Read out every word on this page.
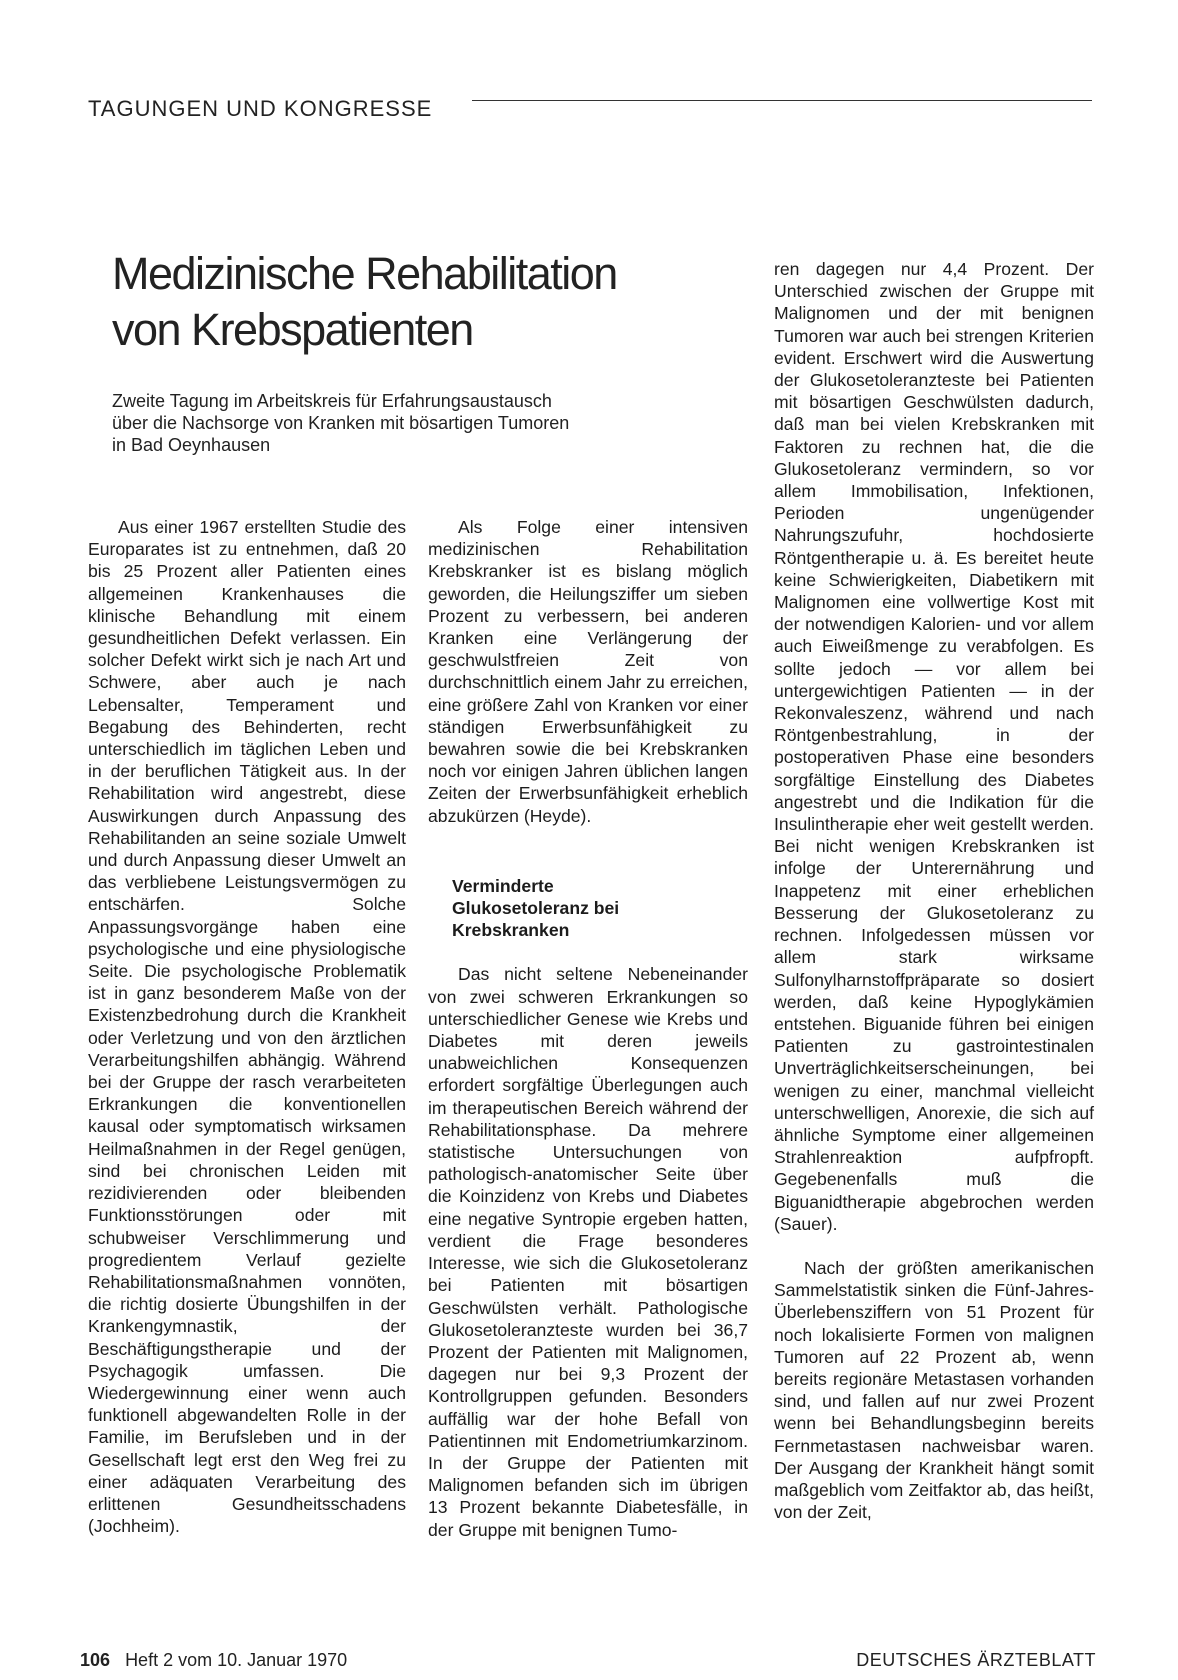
TAGUNGEN UND KONGRESSE
Medizinische Rehabilitation
von Krebspatienten
Zweite Tagung im Arbeitskreis für Erfahrungsaustausch
über die Nachsorge von Kranken mit bösartigen Tumoren
in Bad Oeynhausen

Aus einer 1967 erstellten Studie des Europarates ist zu entnehmen, daß 20 bis 25 Prozent aller Patienten eines allgemeinen Krankenhauses die klinische Behandlung mit einem gesundheitlichen Defekt verlassen. Ein solcher Defekt wirkt sich je nach Art und Schwere, aber auch je nach Lebensalter, Temperament und Begabung des Behinderten, recht unterschiedlich im täglichen Leben und in der beruflichen Tätigkeit aus. In der Rehabilitation wird angestrebt, diese Auswirkungen durch Anpassung des Rehabilitanden an seine soziale Umwelt und durch Anpassung dieser Umwelt an das verbliebene Leistungsvermögen zu entschärfen. Solche Anpassungsvorgänge haben eine psychologische und eine physiologische Seite. Die psychologische Problematik ist in ganz besonderem Maße von der Existenzbedrohung durch die Krankheit oder Verletzung und von den ärztlichen Verarbeitungshilfen abhängig. Während bei der Gruppe der rasch verarbeiteten Erkrankungen die konventionellen kausal oder symptomatisch wirksamen Heilmaßnahmen in der Regel genügen, sind bei chronischen Leiden mit rezidivierenden oder bleibenden Funktionsstörungen oder mit schubweiser Verschlimmerung und progredientem Verlauf gezielte Rehabilitationsmaßnahmen vonnöten, die richtig dosierte Übungshilfen in der Krankengymnastik, der Beschäftigungstherapie und der Psychagogik umfassen. Die Wiedergewinnung einer wenn auch funktionell abgewandelten Rolle in der Familie, im Berufsleben und in der Gesellschaft legt erst den Weg frei zu einer adäquaten Verarbeitung des erlittenen Gesundheitsschadens (Jochheim).

Als Folge einer intensiven medizinischen Rehabilitation Krebskranker ist es bislang möglich geworden, die Heilungsziffer um sieben Prozent zu verbessern, bei anderen Kranken eine Verlängerung der geschwulstfreien Zeit von durchschnittlich einem Jahr zu erreichen, eine größere Zahl von Kranken vor einer ständigen Erwerbsunfähigkeit zu bewahren sowie die bei Krebskranken noch vor einigen Jahren üblichen langen Zeiten der Erwerbsunfähigkeit erheblich abzukürzen (Heyde).

Verminderte
Glukosetoleranz bei
Krebskranken

Das nicht seltene Nebeneinander von zwei schweren Erkrankungen so unterschiedlicher Genese wie Krebs und Diabetes mit deren jeweils unabweichlichen Konsequenzen erfordert sorgfältige Überlegungen auch im therapeutischen Bereich während der Rehabilitationsphase. Da mehrere statistische Untersuchungen von pathologisch-anatomischer Seite über die Koinzidenz von Krebs und Diabetes eine negative Syntropie ergeben hatten, verdient die Frage besonderes Interesse, wie sich die Glukosetoleranz bei Patienten mit bösartigen Geschwülsten verhält. Pathologische Glukosetoleranzteste wurden bei 36,7 Prozent der Patienten mit Malignomen, dagegen nur bei 9,3 Prozent der Kontrollgruppen gefunden. Besonders auffällig war der hohe Befall von Patientinnen mit Endometriumkarzinom. In der Gruppe der Patienten mit Malignomen befanden sich im übrigen 13 Prozent bekannte Diabetesfälle, in der Gruppe mit benignen Tumo-

ren dagegen nur 4,4 Prozent. Der Unterschied zwischen der Gruppe mit Malignomen und der mit benignen Tumoren war auch bei strengen Kriterien evident. Erschwert wird die Auswertung der Glukosetoleranzteste bei Patienten mit bösartigen Geschwülsten dadurch, daß man bei vielen Krebskranken mit Faktoren zu rechnen hat, die die Glukosetoleranz vermindern, so vor allem Immobilisation, Infektionen, Perioden ungenügender Nahrungszufuhr, hochdosierte Röntgentherapie u. ä. Es bereitet heute keine Schwierigkeiten, Diabetikern mit Malignomen eine vollwertige Kost mit der notwendigen Kalorien- und vor allem auch Eiweißmenge zu verabfolgen. Es sollte jedoch — vor allem bei untergewichtigen Patienten — in der Rekonvaleszenz, während und nach Röntgenbestrahlung, in der postoperativen Phase eine besonders sorgfältige Einstellung des Diabetes angestrebt und die Indikation für die Insulintherapie eher weit gestellt werden. Bei nicht wenigen Krebskranken ist infolge der Unterernährung und Inappetenz mit einer erheblichen Besserung der Glukosetoleranz zu rechnen. Infolgedessen müssen vor allem stark wirksame Sulfonylharnstoffpräparate so dosiert werden, daß keine Hypoglykämien entstehen. Biguanide führen bei einigen Patienten zu gastrointestinalen Unverträglichkeitserscheinungen, bei wenigen zu einer, manchmal vielleicht unterschwelligen, Anorexie, die sich auf ähnliche Symptome einer allgemeinen Strahlenreaktion aufpfropft. Gegebenenfalls muß die Biguanidtherapie abgebrochen werden (Sauer).

Nach der größten amerikanischen Sammelstatistik sinken die Fünf-Jahres-Überlebensziffern von 51 Prozent für noch lokalisierte Formen von malignen Tumoren auf 22 Prozent ab, wenn bereits regionäre Metastasen vorhanden sind, und fallen auf nur zwei Prozent wenn bei Behandlungsbeginn bereits Fernmetastasen nachweisbar waren. Der Ausgang der Krankheit hängt somit maßgeblich vom Zeitfaktor ab, das heißt, von der Zeit,

106 Heft 2 vom 10. Januar 1970	DEUTSCHES ÄRZTEBLATT
